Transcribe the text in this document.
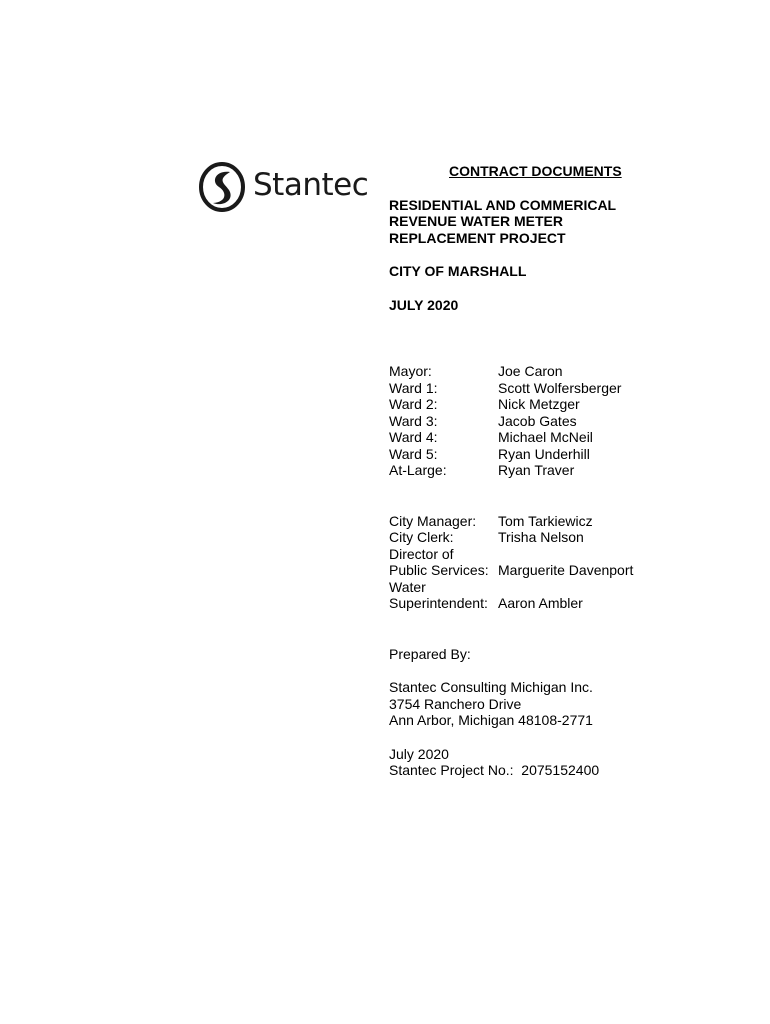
Stantec	CONTRACT DOCUMENTS
RESIDENTIAL AND COMMERICAL
REVENUE WATER METER
REPLACEMENT PROJECT
CITY OF MARSHALL
JULY 2020
Mayor:	Joe Caron
Ward 1:	Scott Wolfersberger
Ward 2:	Nick Metzger
Ward 3:	Jacob Gates
Ward 4:	Michael McNeil
Ward 5:	Ryan Underhill
At-Large:	Ryan Traver
City Manager:	Tom Tarkiewicz
City Clerk:	Trisha Nelson
Director of
Public Services: Marguerite Davenport
Water
Superintendent: Aaron Ambler
Prepared By:
Stantec Consulting Michigan Inc.
3754 Ranchero Drive
Ann Arbor, Michigan 48108-2771
July 2020
Stantec Project No.:  2075152400
